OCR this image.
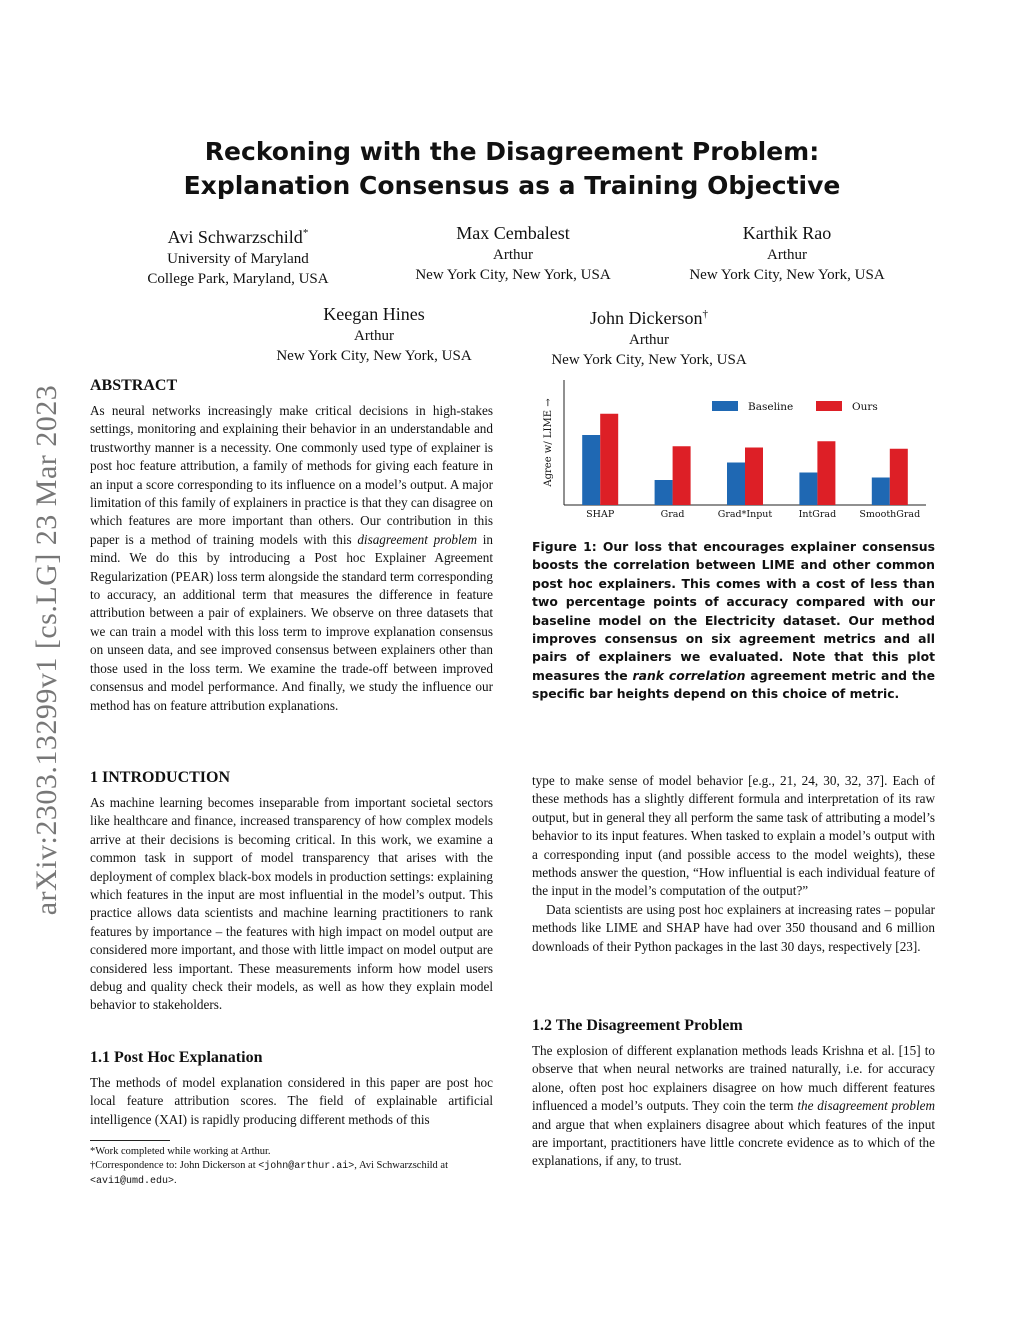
arXiv:2303.13299v1 [cs.LG] 23 Mar 2023
Reckoning with the Disagreement Problem:
Explanation Consensus as a Training Objective
Avi Schwarzschild*
University of Maryland
College Park, Maryland, USA
Max Cembalest
Arthur
New York City, New York, USA
Karthik Rao
Arthur
New York City, New York, USA
Keegan Hines
Arthur
New York City, New York, USA
John Dickerson†
Arthur
New York City, New York, USA
ABSTRACT

As neural networks increasingly make critical decisions in high-stakes settings, monitoring and explaining their behavior in an understandable and trustworthy manner is a necessity. One commonly used type of explainer is post hoc feature attribution, a family of methods for giving each feature in an input a score corresponding to its influence on a model’s output. A major limitation of this family of explainers in practice is that they can disagree on which features are more important than others. Our contribution in this paper is a method of training models with this disagreement problem in mind. We do this by introducing a Post hoc Explainer Agreement Regularization (PEAR) loss term alongside the standard term corresponding to accuracy, an additional term that measures the difference in feature attribution between a pair of explainers. We observe on three datasets that we can train a model with this loss term to improve explanation consensus on unseen data, and see improved consensus between explainers other than those used in the loss term. We examine the trade-off between improved consensus and model performance. And finally, we study the influence our method has on feature attribution explanations.

1 INTRODUCTION

As machine learning becomes inseparable from important societal sectors like healthcare and finance, increased transparency of how complex models arrive at their decisions is becoming critical. In this work, we examine a common task in support of model transparency that arises with the deployment of complex black-box models in production settings: explaining which features in the input are most influential in the model’s output. This practice allows data scientists and machine learning practitioners to rank features by importance – the features with high impact on model output are considered more important, and those with little impact on model output are considered less important. These measurements inform how model users debug and quality check their models, as well as how they explain model behavior to stakeholders.

1.1 Post Hoc Explanation

The methods of model explanation considered in this paper are post hoc local feature attribution scores. The field of explainable artificial intelligence (XAI) is rapidly producing different methods of this

*Work completed while working at Arthur.
†Correspondence to: John Dickerson at <john@arthur.ai>, Avi Schwarzschild at <avi1@umd.edu>.
Agree w/ LIME →
SHAP	Grad	Grad*Input	IntGrad SmoothGrad
Baseline	Ours
Figure 1: Our loss that encourages explainer consensus boosts the correlation between LIME and other common post hoc explainers. This comes with a cost of less than two percentage points of accuracy compared with our baseline model on the Electricity dataset. Our method improves consensus on six agreement metrics and all pairs of explainers we evaluated. Note that this plot measures the rank correlation agreement metric and the specific bar heights depend on this choice of metric.

type to make sense of model behavior [e.g., 21, 24, 30, 32, 37]. Each of these methods has a slightly different formula and interpretation of its raw output, but in general they all perform the same task of attributing a model’s behavior to its input features. When tasked to explain a model’s output with a corresponding input (and possible access to the model weights), these methods answer the question, “How influential is each individual feature of the input in the model’s computation of the output?”

Data scientists are using post hoc explainers at increasing rates – popular methods like LIME and SHAP have had over 350 thousand and 6 million downloads of their Python packages in the last 30 days, respectively [23].

1.2 The Disagreement Problem

The explosion of different explanation methods leads Krishna et al. [15] to observe that when neural networks are trained naturally, i.e. for accuracy alone, often post hoc explainers disagree on how much different features influenced a model’s outputs. They coin the term the disagreement problem and argue that when explainers disagree about which features of the input are important, practitioners have little concrete evidence as to which of the explanations, if any, to trust.
